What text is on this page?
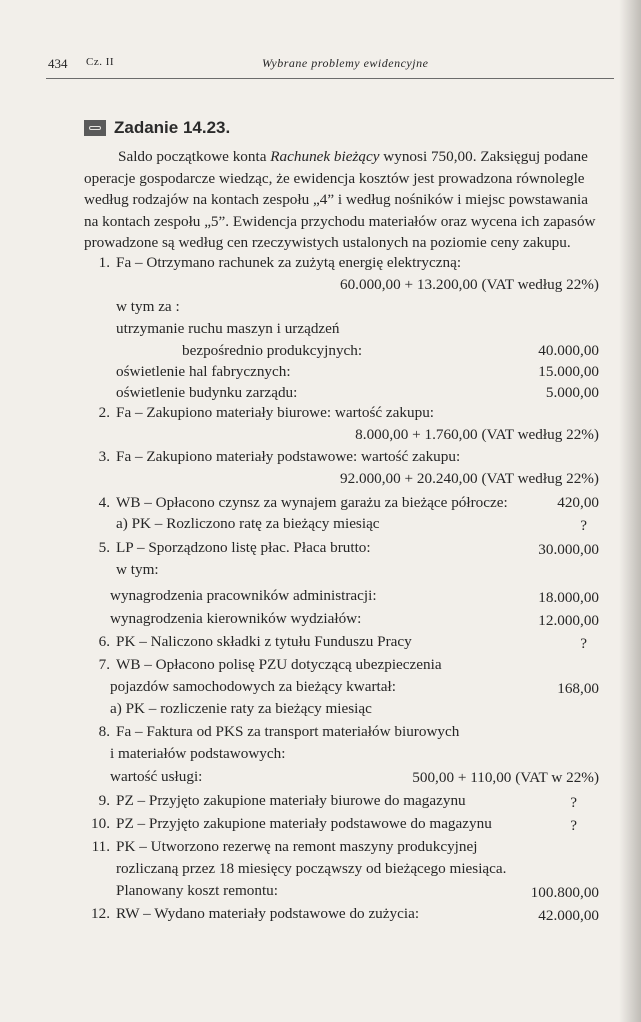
434 Cz. II	Wybrane problemy ewidencyjne
Zadanie 14.23.
Saldo początkowe konta Rachunek bieżący wynosi 750,00. Zaksięguj podane
operacje gospodarcze wiedząc, że ewidencja kosztów jest prowadzona równolegle
według rodzajów na kontach zespołu „4” i według nośników i miejsc powstawania
na kontach zespołu „5”. Ewidencja przychodu materiałów oraz wycena ich zapasów
prowadzone są według cen rzeczywistych ustalonych na poziomie ceny zakupu.
1. Fa – Otrzymano rachunek za zużytą energię elektryczną:
60.000,00 + 13.200,00 (VAT według 22%)
w tym za :
utrzymanie ruchu maszyn i urządzeń
bezpośrednio produkcyjnych:	40.000,00
oświetlenie hal fabrycznych:	15.000,00
oświetlenie budynku zarządu:	5.000,00
2. Fa – Zakupiono materiały biurowe: wartość zakupu:
8.000,00 + 1.760,00 (VAT według 22%)
3. Fa – Zakupiono materiały podstawowe: wartość zakupu:
92.000,00 + 20.240,00 (VAT według 22%)
4. WB – Opłacono czynsz za wynajem garażu za bieżące półrocze:	420,00
a) PK – Rozliczono ratę za bieżący miesiąc	?
5. LP – Sporządzono listę płac. Płaca brutto:	30.000,00
w tym:
wynagrodzenia pracowników administracji:	18.000,00
wynagrodzenia kierowników wydziałów:	12.000,00
6. PK – Naliczono składki z tytułu Funduszu Pracy	?
7. WB – Opłacono polisę PZU dotyczącą ubezpieczenia
pojazdów samochodowych za bieżący kwartał:	168,00
a) PK – rozliczenie raty za bieżący miesiąc
8. Fa – Faktura od PKS za transport materiałów biurowych
i materiałów podstawowych:
wartość usługi:	500,00 + 110,00 (VAT w 22%)
9. PZ – Przyjęto zakupione materiały biurowe do magazynu	?
10. PZ – Przyjęto zakupione materiały podstawowe do magazynu	?
11. PK – Utworzono rezerwę na remont maszyny produkcyjnej
rozliczaną przez 18 miesięcy począwszy od bieżącego miesiąca.
Planowany koszt remontu:	100.800,00
12. RW – Wydano materiały podstawowe do zużycia:	42.000,00
